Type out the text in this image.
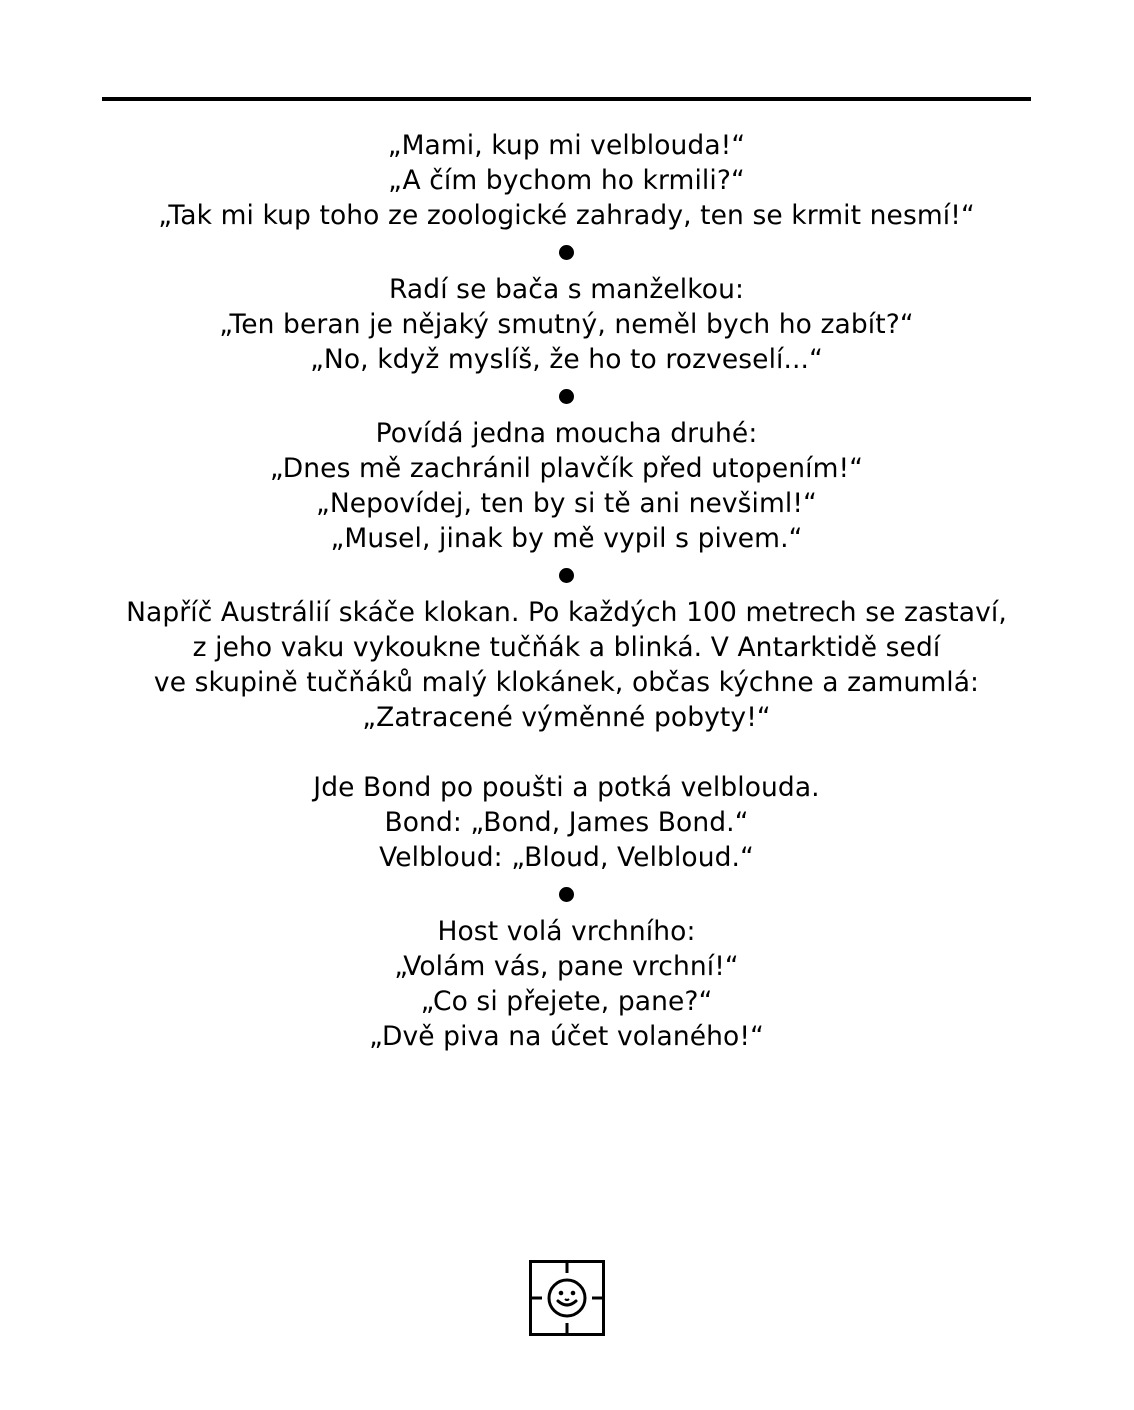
„Mami, kup mi velblouda!“
„A čím bychom ho krmili?“
„Tak mi kup toho ze zoologické zahrady, ten se krmit nesmí!“
Radí se bača s manželkou:
„Ten beran je nějaký smutný, neměl bych ho zabít?“
„No, když myslíš, že ho to rozveselí...“
Povídá jedna moucha druhé:
„Dnes mě zachránil plavčík před utopením!“
„Nepovídej, ten by si tě ani nevšiml!“
„Musel, jinak by mě vypil s pivem.“
Napříč Austrálií skáče klokan. Po každých 100 metrech se zastaví,
z jeho vaku vykoukne tučňák a blinká. V Antarktidě sedí
ve skupině tučňáků malý klokánek, občas kýchne a zamumlá:
„Zatracené výměnné pobyty!“
Jde Bond po poušti a potká velblouda.
Bond: „Bond, James Bond.“
Velbloud: „Bloud, Velbloud.“
Host volá vrchního:
„Volám vás, pane vrchní!“
„Co si přejete, pane?“
„Dvě piva na účet volaného!“
